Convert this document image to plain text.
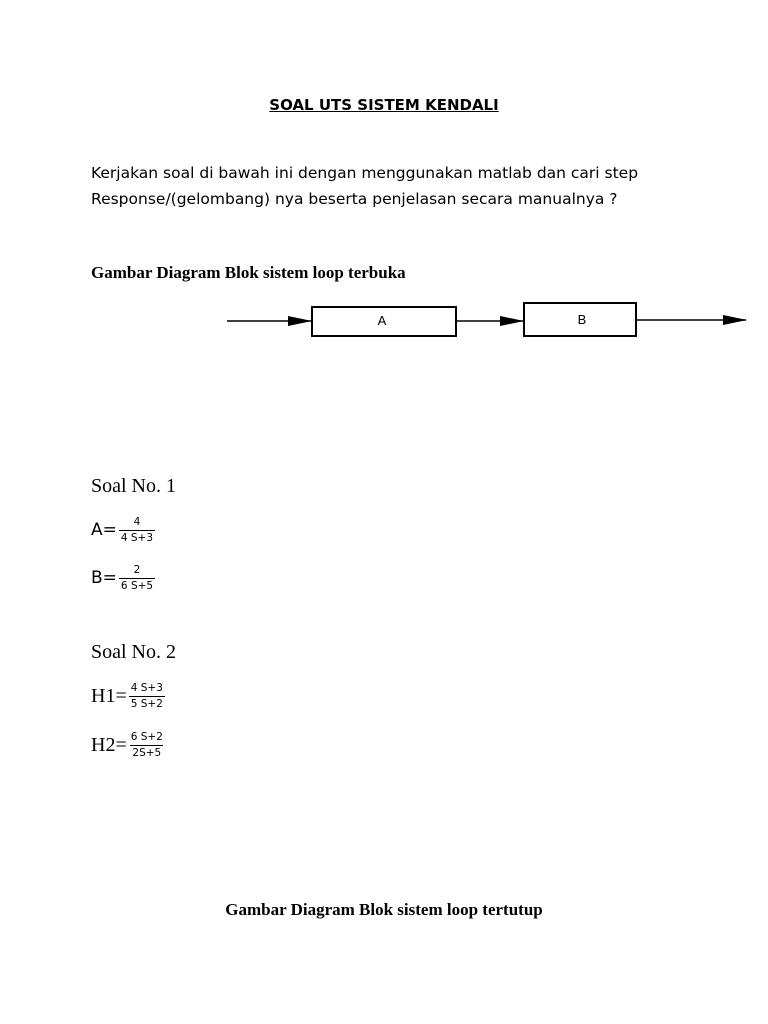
SOAL UTS SISTEM KENDALI
Kerjakan soal di bawah ini dengan menggunakan matlab dan cari step
Response/(gelombang) nya beserta penjelasan secara manualnya ?
Gambar Diagram Blok sistem loop terbuka
A	B
Soal No. 1
$A= \frac{4}{4 S+3}$
$B= \frac{2}{6 S+5}$
Soal No. 2
$H1= \frac{4 S+3}{5 S+2}$
$H2= \frac{6 S+2}{2S+5}$
Gambar Diagram Blok sistem loop tertutup
